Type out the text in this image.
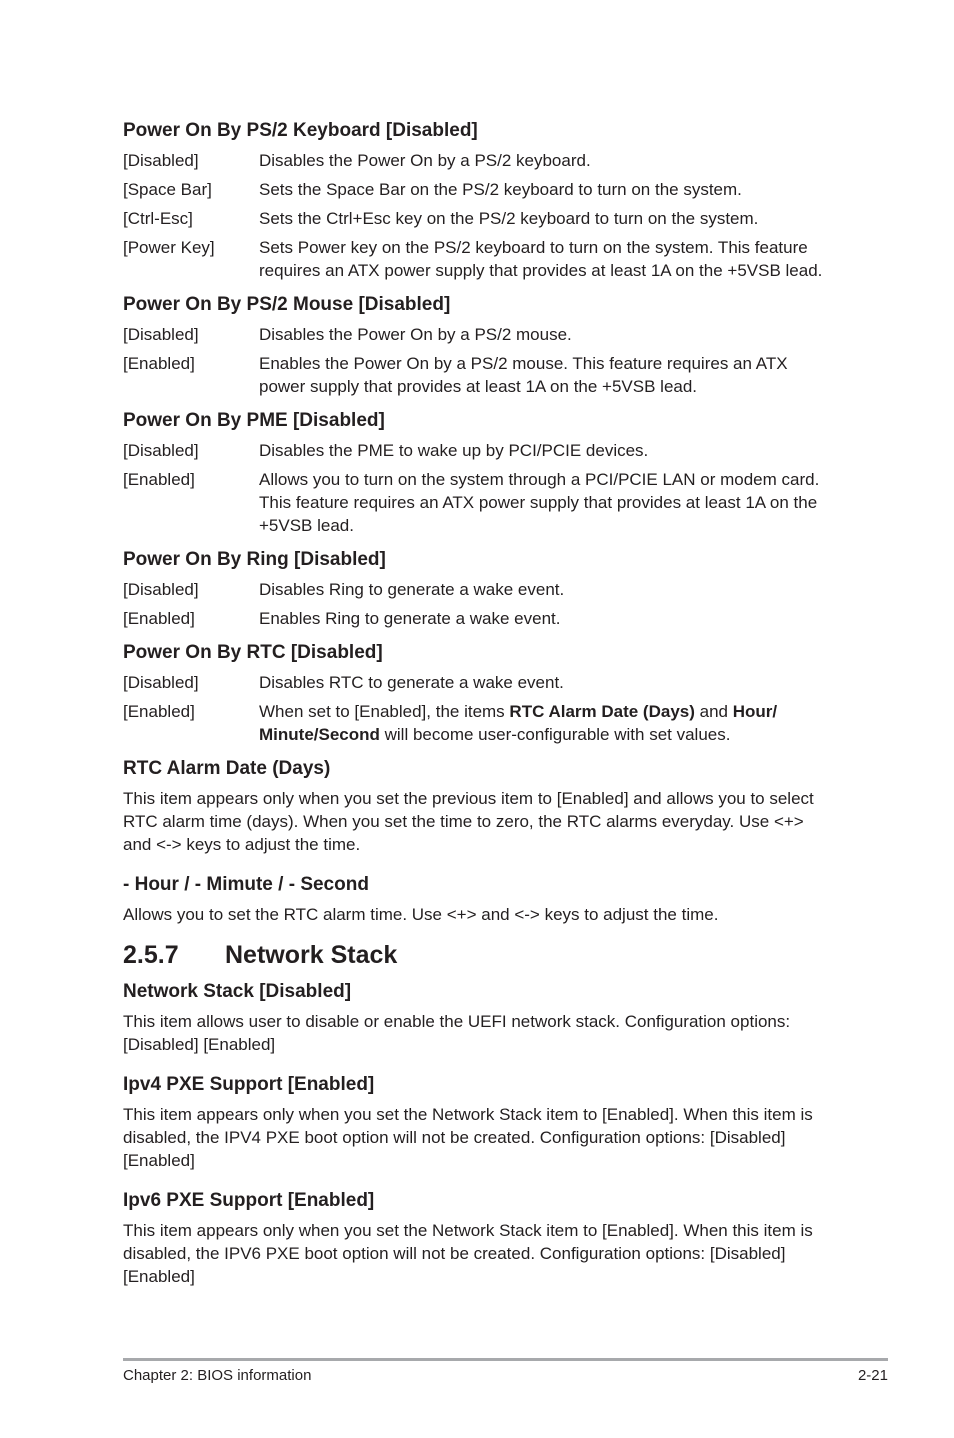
Power On By PS/2 Keyboard [Disabled]
[Disabled]	Disables the Power On by a PS/2 keyboard.
[Space Bar]	Sets the Space Bar on the PS/2 keyboard to turn on the system.
[Ctrl-Esc]	Sets the Ctrl+Esc key on the PS/2 keyboard to turn on the system.
[Power Key]	Sets Power key on the PS/2 keyboard to turn on the system. This feature requires an ATX power supply that provides at least 1A on the +5VSB lead.
Power On By PS/2 Mouse [Disabled]
[Disabled]	Disables the Power On by a PS/2 mouse.
[Enabled]	Enables the Power On by a PS/2 mouse. This feature requires an ATX power supply that provides at least 1A on the +5VSB lead.
Power On By PME [Disabled]
[Disabled]	Disables the PME to wake up by PCI/PCIE devices.
[Enabled]	Allows you to turn on the system through a PCI/PCIE LAN or modem card. This feature requires an ATX power supply that provides at least 1A on the +5VSB lead.
Power On By Ring [Disabled]
[Disabled]	Disables Ring to generate a wake event.
[Enabled]	Enables Ring to generate a wake event.
Power On By RTC [Disabled]
[Disabled]	Disables RTC to generate a wake event.
[Enabled]	When set to [Enabled], the items RTC Alarm Date (Days) and Hour/ Minute/Second will become user-configurable with set values.
RTC Alarm Date (Days)

This item appears only when you set the previous item to [Enabled] and allows you to select RTC alarm time (days). When you set the time to zero, the RTC alarms everyday. Use <+> and <-> keys to adjust the time.

- Hour / - Mimute / - Second

Allows you to set the RTC alarm time. Use <+> and <-> keys to adjust the time.

2.5.7	Network Stack
Network Stack [Disabled]

This item allows user to disable or enable the UEFI network stack. Configuration options: [Disabled] [Enabled]

Ipv4 PXE Support [Enabled]

This item appears only when you set the Network Stack item to [Enabled]. When this item is disabled, the IPV4 PXE boot option will not be created. Configuration options: [Disabled] [Enabled]

Ipv6 PXE Support [Enabled]

This item appears only when you set the Network Stack item to [Enabled]. When this item is disabled, the IPV6 PXE boot option will not be created. Configuration options: [Disabled] [Enabled]

Chapter 2: BIOS information	2-21
